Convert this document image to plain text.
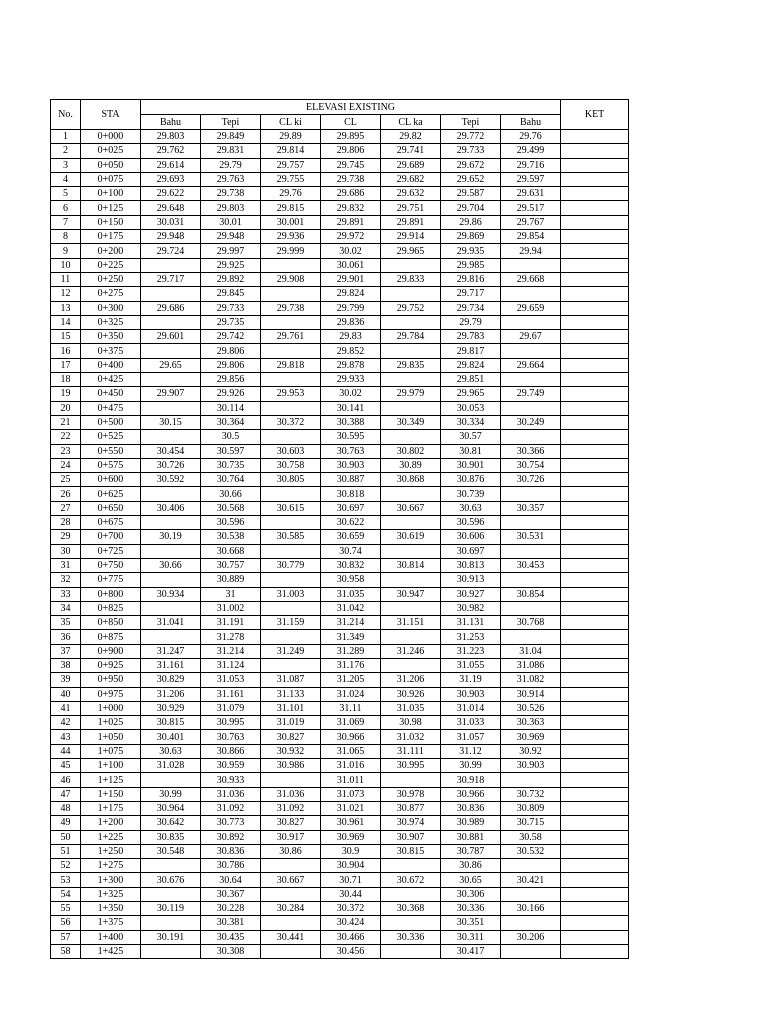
No.	STA	ELEVASI EXISTING							KET
		Bahu	Tepi	CL ki	CL	CL ka	Tepi	Bahu	
1	0+000	29.803	29.849	29.89	29.895	29.82	29.772	29.76	
2	0+025	29.762	29.831	29.814	29.806	29.741	29.733	29.499	
3	0+050	29.614	29.79	29.757	29.745	29.689	29.672	29.716	
4	0+075	29.693	29.763	29.755	29.738	29.682	29.652	29.597	
5	0+100	29.622	29.738	29.76	29.686	29.632	29.587	29.631	
6	0+125	29.648	29.803	29.815	29.832	29.751	29.704	29.517	
7	0+150	30.031	30.01	30.001	29.891	29.891	29.86	29.767	
8	0+175	29.948	29.948	29.936	29.972	29.914	29.869	29.854	
9	0+200	29.724	29.997	29.999	30.02	29.965	29.935	29.94	
10	0+225		29.925		30.061		29.985		
11	0+250	29.717	29.892	29.908	29.901	29.833	29.816	29.668	
12	0+275		29.845		29.824		29.717		
13	0+300	29.686	29.733	29.738	29.799	29.752	29.734	29.659	
14	0+325		29.735		29.836		29.79		
15	0+350	29.601	29.742	29.761	29.83	29.784	29.783	29.67	
16	0+375		29.806		29.852		29.817		
17	0+400	29.65	29.806	29.818	29.878	29.835	29.824	29.664	
18	0+425		29.856		29.933		29.851		
19	0+450	29.907	29.926	29.953	30.02	29.979	29.965	29.749	
20	0+475		30.114		30.141		30.053		
21	0+500	30.15	30.364	30.372	30.388	30.349	30.334	30.249	
22	0+525		30.5		30.595		30.57		
23	0+550	30.454	30.597	30.603	30.763	30.802	30.81	30.366	
24	0+575	30.726	30.735	30.758	30.903	30.89	30.901	30.754	
25	0+600	30.592	30.764	30.805	30.887	30.868	30.876	30.726	
26	0+625		30.66		30.818		30.739		
27	0+650	30.406	30.568	30.615	30.697	30.667	30.63	30.357	
28	0+675		30.596		30.622		30.596		
29	0+700	30.19	30.538	30.585	30.659	30.619	30.606	30.531	
30	0+725		30.668		30.74		30.697		
31	0+750	30.66	30.757	30.779	30.832	30.814	30.813	30.453	
32	0+775		30.889		30.958		30.913		
33	0+800	30.934	31	31.003	31.035	30.947	30.927	30.854	
34	0+825		31.002		31.042		30.982		
35	0+850	31.041	31.191	31.159	31.214	31.151	31.131	30.768	
36	0+875		31.278		31.349		31.253		
37	0+900	31.247	31.214	31.249	31.289	31.246	31.223	31.04	
38	0+925	31.161	31.124		31.176		31.055	31.086	
39	0+950	30.829	31.053	31.087	31.205	31.206	31.19	31.082	
40	0+975	31.206	31.161	31.133	31.024	30.926	30.903	30.914	
41	1+000	30.929	31.079	31.101	31.11	31.035	31.014	30.526	
42	1+025	30.815	30.995	31.019	31.069	30.98	31.033	30.363	
43	1+050	30.401	30.763	30.827	30.966	31.032	31.057	30.969	
44	1+075	30.63	30.866	30.932	31.065	31.111	31.12	30.92	
45	1+100	31.028	30.959	30.986	31.016	30.995	30.99	30.903	
46	1+125		30.933		31.011		30.918		
47	1+150	30.99	31.036	31.036	31.073	30.978	30.966	30.732	
48	1+175	30.964	31.092	31.092	31.021	30.877	30.836	30.809	
49	1+200	30.642	30.773	30.827	30.961	30.974	30.989	30.715	
50	1+225	30.835	30.892	30.917	30.969	30.907	30.881	30.58	
51	1+250	30.548	30.836	30.86	30.9	30.815	30.787	30.532	
52	1+275		30.786		30.904		30.86		
53	1+300	30.676	30.64	30.667	30.71	30.672	30.65	30.421	
54	1+325		30.367		30.44		30.306		
55	1+350	30.119	30.228	30.284	30.372	30.368	30.336	30.166	
56	1+375		30.381		30.424		30.351		
57	1+400	30.191	30.435	30.441	30.466	30.336	30.311	30.206	
58	1+425		30.308		30.456		30.417		
